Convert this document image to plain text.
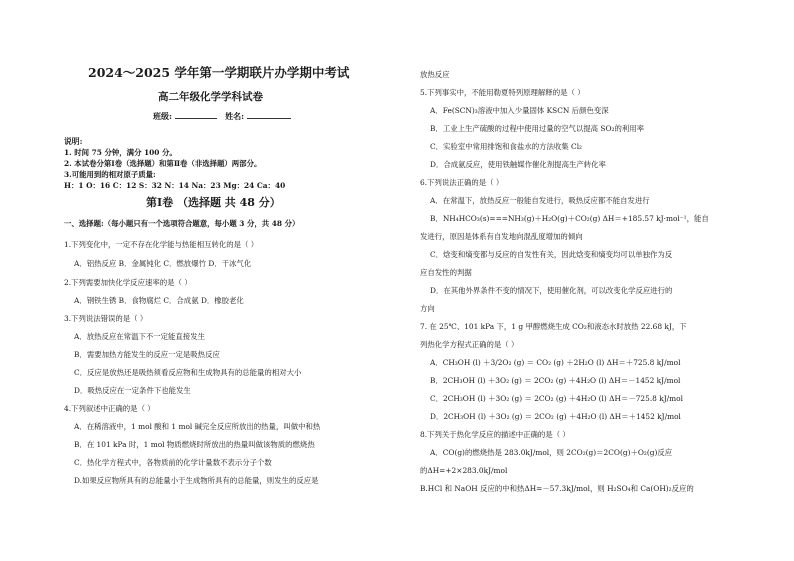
2024～2025 学年第一学期联片办学期中考试
高二年级化学学科试卷
班级:	姓名:
说明:
1. 时间 75 分钟，满分 100 分。
2. 本试卷分第Ⅰ卷（选择题）和第Ⅱ卷（非选择题）两部分。
3.可能用到的相对原子质量:
H：1 O：16 C：12 S：32 N：14 Na：23 Mg：24 Ca：40
第Ⅰ卷 （选择题 共 48 分）
一、选择题:（每小题只有一个选项符合题意，每小题 3 分，共 48 分）
1.下列变化中，一定不存在化学能与热能相互转化的是（ ）
A．铝热反应 B．金属钝化 C．燃放爆竹 D．干冰气化
2.下列需要加快化学反应速率的是（ ）
A．钢铁生锈 B．食物腐烂 C．合成氨 D．橡胶老化
3.下列说法错误的是（ ）
A．放热反应在常温下不一定能直接发生
B．需要加热方能发生的反应一定是吸热反应
C．反应是放热还是吸热须看反应物和生成物具有的总能量的相对大小
D．吸热反应在一定条件下也能发生
4.下列叙述中正确的是（ ）
A．在稀溶液中，1 mol 酸和 1 mol 碱完全反应所放出的热量，叫做中和热
B．在 101 kPa 时，1 mol 物质燃烧时所放出的热量叫做该物质的燃烧热
C．热化学方程式中，各物质前的化学计量数不表示分子个数
D.如果反应物所具有的总能量小于生成物所具有的总能量，则发生的反应是
放热反应
5.下列事实中，不能用勒夏特列原理解释的是（ ）
A．Fe(SCN)₃溶液中加入少量固体 KSCN 后颜色变深
B．工业上生产硫酸的过程中使用过量的空气以提高 SO₂的利用率
C．实验室中常用排饱和食盐水的方法收集 Cl₂
D．合成氨反应，使用铁触媒作催化剂提高生产转化率
6.下列说法正确的是（ ）
A．在常温下，放热反应一般能自发进行，吸热反应都不能自发进行
B．NH₄HCO₃(s)===NH₃(g)＋H₂O(g)＋CO₂(g) ΔH＝+185.57 kJ·mol⁻¹，能自
发进行，原因是体系有自发地向混乱度增加的倾向
C．焓变和熵变都与反应的自发性有关，因此焓变和熵变均可以单独作为反
应自发性的判据
D．在其他外界条件不变的情况下，使用催化剂，可以改变化学反应进行的
方向
7. 在 25℃、101 kPa 下，1 g 甲醇燃烧生成 CO₂和液态水时放热 22.68 kJ，下
列热化学方程式正确的是（ ）
A．CH₃OH (l) ＋3/2O₂ (g) ＝ CO₂ (g) ＋2H₂O (l) ΔH＝＋725.8 kJ/mol
B．2CH₃OH (l) ＋3O₂ (g) ＝ 2CO₂ (g) ＋4H₂O (l) ΔH＝－1452 kJ/mol
C．2CH₃OH (l) ＋3O₂ (g) ＝ 2CO₂ (g) ＋4H₂O (l) ΔH＝－725.8 kJ/mol
D．2CH₃OH (l) ＋3O₂ (g) ＝ 2CO₂ (g) ＋4H₂O (l) ΔH＝＋1452 kJ/mol
8.下列关于热化学反应的描述中正确的是（ ）
A．CO(g)的燃烧热是 283.0kJ/mol，则 2CO₂(g)＝2CO(g)＋O₂(g)反应
的ΔH=+2×283.0kJ/mol
B.HCl 和 NaOH 反应的中和热ΔH=－57.3kJ/mol，则 H₂SO₄和 Ca(OH)₂反应的
